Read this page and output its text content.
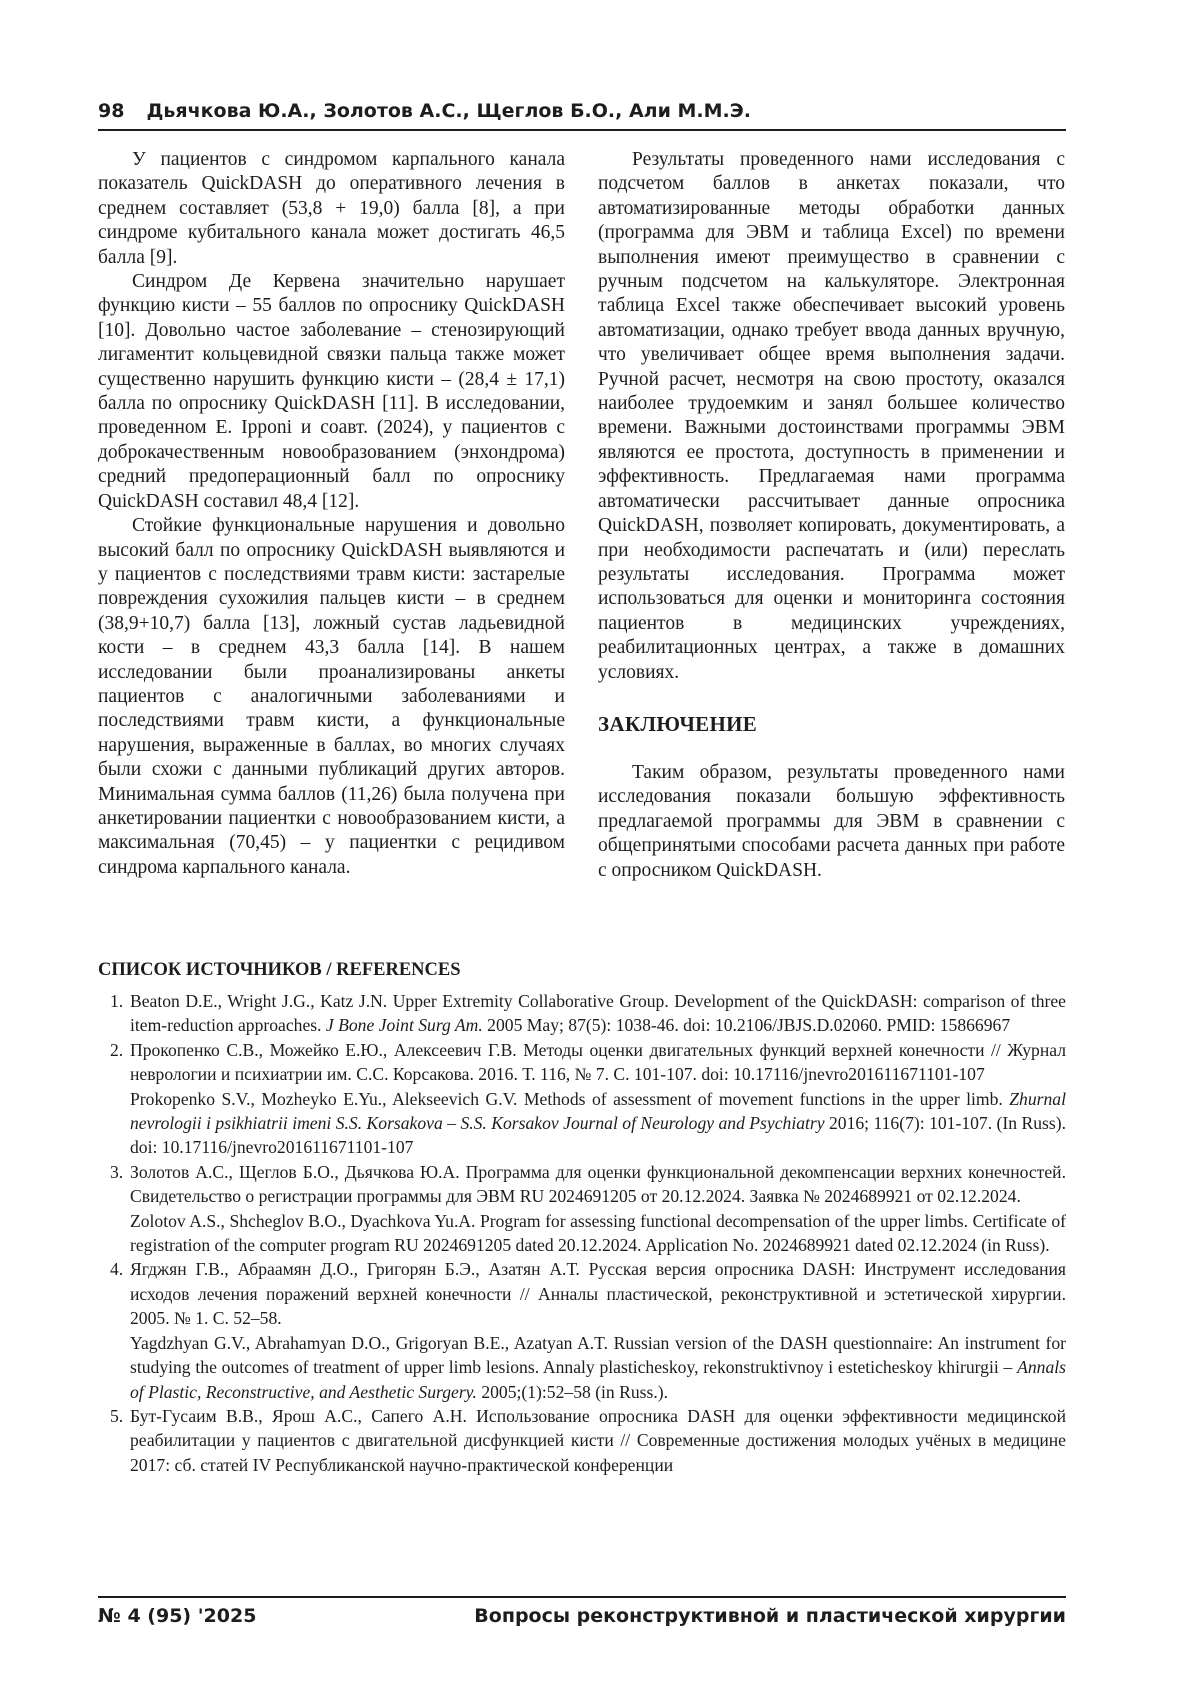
98 Дьячкова Ю.А., Золотов А.С., Щеглов Б.О., Али М.М.Э.

У пациентов с синдромом карпального канала показатель QuickDASH до оперативного лечения в среднем составляет (53,8 + 19,0) балла [8], а при синдроме кубитального канала может достигать 46,5 балла [9].

Синдром Де Кервена значительно нарушает функцию кисти – 55 баллов по опроснику QuickDASH [10]. Довольно частое заболевание – стенозирующий лигаментит кольцевидной связки пальца также может существенно нарушить функцию кисти – (28,4 ± 17,1) балла по опроснику QuickDASH [11]. В исследовании, проведенном E. Ipponi и соавт. (2024), у пациентов с доброкачественным новообразованием (энхондрома) средний предоперационный балл по опроснику QuickDASH составил 48,4 [12].

Стойкие функциональные нарушения и довольно высокий балл по опроснику QuickDASH выявляются и у пациентов с последствиями травм кисти: застарелые повреждения сухожилия пальцев кисти – в среднем (38,9+10,7) балла [13], ложный сустав ладьевидной кости – в среднем 43,3 балла [14]. В нашем исследовании были проанализированы анкеты пациентов с аналогичными заболеваниями и последствиями травм кисти, а функциональные нарушения, выраженные в баллах, во многих случаях были схожи с данными публикаций других авторов. Минимальная сумма баллов (11,26) была получена при анкетировании пациентки с новообразованием кисти, а максимальная (70,45) – у пациентки с рецидивом синдрома карпального канала.

Результаты проведенного нами исследования с подсчетом баллов в анкетах показали, что автоматизированные методы обработки данных (программа для ЭВМ и таблица Excel) по времени выполнения имеют преимущество в сравнении с ручным подсчетом на калькуляторе. Электронная таблица Excel также обеспечивает высокий уровень автоматизации, однако требует ввода данных вручную, что увеличивает общее время выполнения задачи. Ручной расчет, несмотря на свою простоту, оказался наиболее трудоемким и занял большее количество времени. Важными достоинствами программы ЭВМ являются ее простота, доступность в применении и эффективность. Предлагаемая нами программа автоматически рассчитывает данные опросника QuickDASH, позволяет копировать, документировать, а при необходимости распечатать и (или) переслать результаты исследования. Программа может использоваться для оценки и мониторинга состояния пациентов в медицинских учреждениях, реабилитационных центрах, а также в домашних условиях.

ЗАКЛЮЧЕНИЕ

Таким образом, результаты проведенного нами исследования показали большую эффективность предлагаемой программы для ЭВМ в сравнении с общепринятыми способами расчета данных при работе с опросником QuickDASH.

СПИСОК ИСТОЧНИКОВ / REFERENCES
1. Beaton D.E., Wright J.G., Katz J.N. Upper Extremity Collaborative Group. Development of the QuickDASH: comparison of three item-reduction approaches. J Bone Joint Surg Am. 2005 May; 87(5): 1038-46. doi: 10.2106/JBJS.D.02060. PMID: 15866967
2. Прокопенко С.В., Можейко Е.Ю., Алексеевич Г.В. Методы оценки двигательных функций верхней конечности // Журнал неврологии и психиатрии им. С.С. Корсакова. 2016. Т. 116, № 7. С. 101-107. doi: 10.17116/jnevro201611671101-107
Prokopenko S.V., Mozheyko E.Yu., Alekseevich G.V. Methods of assessment of movement functions in the upper limb. Zhurnal nevrologii i psikhiatrii imeni S.S. Korsakova – S.S. Korsakov Journal of Neurology and Psychiatry 2016; 116(7): 101-107. (In Russ). doi: 10.17116/jnevro201611671101-107
3. Золотов А.С., Щеглов Б.О., Дьячкова Ю.А. Программа для оценки функциональной декомпенсации верхних конечностей. Свидетельство о регистрации программы для ЭВМ RU 2024691205 от 20.12.2024. Заявка № 2024689921 от 02.12.2024.
Zolotov A.S., Shcheglov B.O., Dyachkova Yu.A. Program for assessing functional decompensation of the upper limbs. Certificate of registration of the computer program RU 2024691205 dated 20.12.2024. Application No. 2024689921 dated 02.12.2024 (in Russ).
4. Ягджян Г.В., Абраамян Д.О., Григорян Б.Э., Азатян А.Т. Русская версия опросника DASH: Инструмент исследования исходов лечения поражений верхней конечности // Анналы пластической, реконструктивной и эстетической хирургии. 2005. № 1. С. 52–58.
Yagdzhyan G.V., Abrahamyan D.O., Grigoryan B.E., Azatyan A.T. Russian version of the DASH questionnaire: An instrument for studying the outcomes of treatment of upper limb lesions. Annaly plasticheskoy, rekonstruktivnoy i esteticheskoy khirurgii – Annals of Plastic, Reconstructive, and Aesthetic Surgery. 2005;(1):52–58 (in Russ.).
5. Бут-Гусаим В.В., Ярош А.С., Сапего А.Н. Использование опросника DASH для оценки эффективности медицинской реабилитации у пациентов с двигательной дисфункцией кисти // Современные достижения молодых учёных в медицине 2017: сб. статей IV Республиканской научно-практической конференции
№ 4 (95) '2025	Вопросы реконструктивной и пластической хирургии
